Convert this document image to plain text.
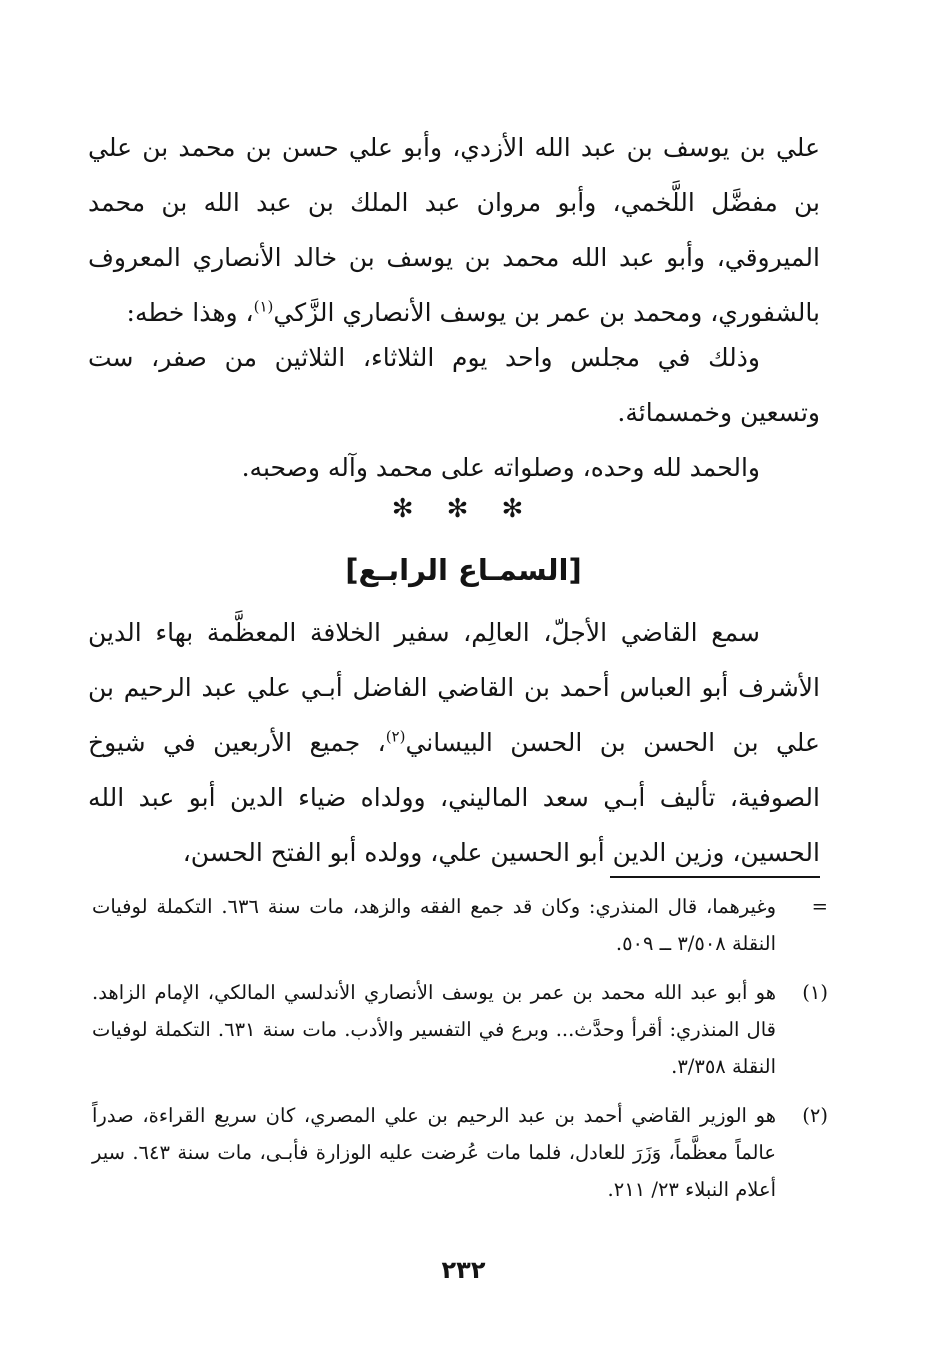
علي بن يوسف بن عبد الله الأزدي، وأبو علي حسن بن محمد بن علي بن مفضَّل اللَّخمي، وأبو مروان عبد الملك بن عبد الله بن محمد الميروقي، وأبو عبد الله محمد بن يوسف بن خالد الأنصاري المعروف بالشفوري، ومحمد بن عمر بن يوسف الأنصاري الزَّكي$^{(١)}$، وهذا خطه:

وذلك في مجلس واحد يوم الثلاثاء، الثلاثين من صفر، ست وتسعين وخمسمائة.

والحمد لله وحده، وصلواته على محمد وآله وصحبه.

✻ ✻ ✻
[السمـاع الرابـع]

سمع القاضي الأجلّ، العالِم، سفير الخلافة المعظَّمة بهاء الدين الأشرف أبو العباس أحمد بن القاضي الفاضل أبـي علي عبد الرحيم بن علي بن الحسن بن الحسن البيساني$^{(٢)}$، جميع الأربعين في شيوخ الصوفية، تأليف أبـي سعد الماليني، وولداه ضياء الدين أبو عبد الله الحسين، وزين الدين أبو الحسين علي، وولده أبو الفتح الحسن،

=
وغيرهما، قال المنذري: وكان قد جمع الفقه والزهد، مات سنة ٦٣٦. التكملة لوفيات النقلة ٣/٥٠٨ ــ ٥٠٩.
(١)
هو أبو عبد الله محمد بن عمر بن يوسف الأنصاري الأندلسي المالكي، الإمام الزاهد. قال المنذري: أقرأ وحدَّث... وبرع في التفسير والأدب. مات سنة ٦٣١. التكملة لوفيات النقلة ٣/٣٥٨.
(٢)
هو الوزير القاضي أحمد بن عبد الرحيم بن علي المصري، كان سريع القراءة، صدراً عالماً معظَّماً، وَزَرَ للعادل، فلما مات عُرضت عليه الوزارة فأبـى، مات سنة ٦٤٣. سير أعلام النبلاء ٢٣/ ٢١١.
٢٣٢
